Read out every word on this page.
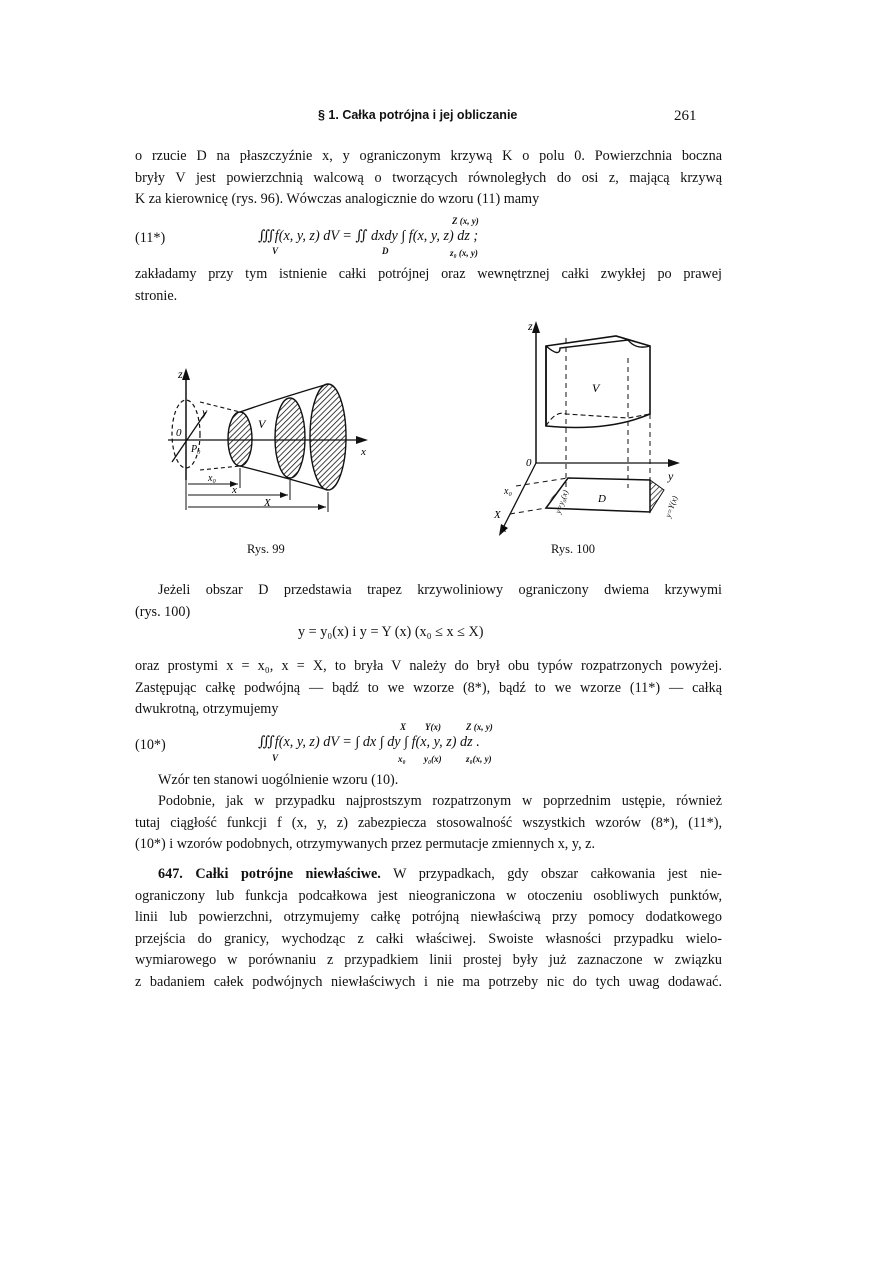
§ 1. Całka potrójna i jej obliczanie	261
o rzucie D na płaszczyźnie x, y ograniczonym krzywą K o polu 0. Powierzchnia boczna
bryły V jest powierzchnią walcową o tworzących równoległych do osi z, mającą krzywą
K za kierownicę (rys. 96). Wówczas analogicznie do wzoru (11) mamy
(11*)
Z (x, y)
∭f(x, y, z) dV = ∬ dxdy ∫ f(x, y, z) dz ;
V	D	z₀ (x, y)
zakładamy przy tym istnienie całki potrójnej oraz wewnętrznej całki zwykłej po prawej
stronie.
z
y
0
P₀
V
x
x₀
x
X
Rys. 99
z
V
0
y
x₀
X
x
D
y=y₀(x)	y=Y(x)
Rys. 100
Jeżeli obszar D przedstawia trapez krzywoliniowy ograniczony dwiema krzywymi
(rys. 100)
y = y₀(x) i y = Y (x) (x₀ ≤ x ≤ X)
oraz prostymi x = x₀, x = X, to bryła V należy do brył obu typów rozpatrzonych powyżej.
Zastępując całkę podwójną — bądź to we wzorze (8*), bądź to we wzorze (11*) — całką
dwukrotną, otrzymujemy
(10*)
X Y(x)	Z (x, y)
∭f(x, y, z) dV = ∫ dx ∫ dy ∫ f(x, y, z) dz .
V	x₀ y₀(x)	z₀(x, y)
Wzór ten stanowi uogólnienie wzoru (10).
Podobnie, jak w przypadku najprostszym rozpatrzonym w poprzednim ustępie, również
tutaj ciągłość funkcji f (x, y, z) zabezpiecza stosowalność wszystkich wzorów (8*), (11*),
(10*) i wzorów podobnych, otrzymywanych przez permutacje zmiennych x, y, z.
647. Całki potrójne niewłaściwe. W przypadkach, gdy obszar całkowania jest nie-
ograniczony lub funkcja podcałkowa jest nieograniczona w otoczeniu osobliwych punktów,
linii lub powierzchni, otrzymujemy całkę potrójną niewłaściwą przy pomocy dodatkowego
przejścia do granicy, wychodząc z całki właściwej. Swoiste własności przypadku wielo-
wymiarowego w porównaniu z przypadkiem linii prostej były już zaznaczone w związku
z badaniem całek podwójnych niewłaściwych i nie ma potrzeby nic do tych uwag dodawać.
